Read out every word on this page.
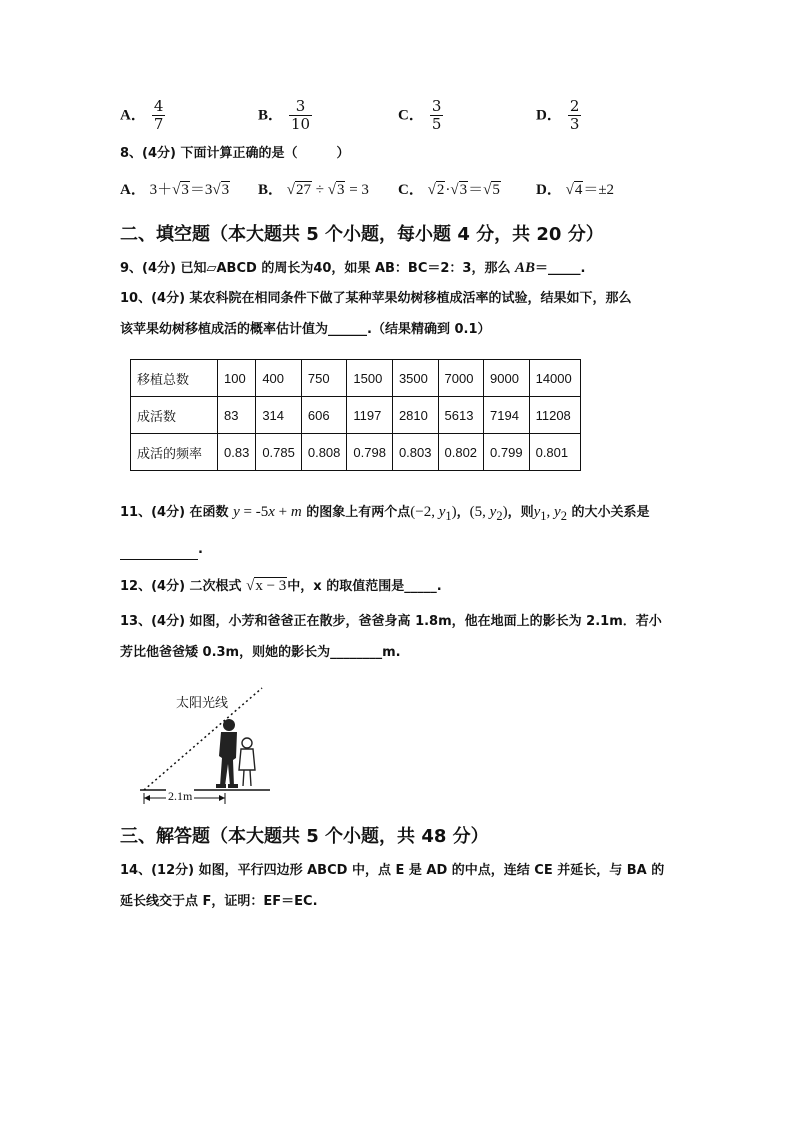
A． $\frac{4}{7}$	B． $\frac{3}{10}$	C． $\frac{3}{5}$	D． $\frac{2}{3}$
8、(4分) 下面计算正确的是（　　　）
A． 3＋√3＝3√3 B． √27 ÷ √3 = 3 C． √2·√3＝√5 D． √4＝±2
二、填空题（本大题共 5 个小题，每小题 4 分，共 20 分）
9、(4分) 已知▱ABCD 的周长为40，如果 AB：BC＝2：3，那么 AB＝_____.
10、(4分) 某农科院在相同条件下做了某种苹果幼树移植成活率的试验，结果如下，那么
该苹果幼树移植成活的概率估计值为______.（结果精确到 0.1）
移植总数	100	400	750	1500	3500	7000	9000	14000
成活数	83	314	606	1197	2810	5613	7194	11208
成活的频率	0.83	0.785	0.808	0.798	0.803	0.802	0.799	0.801
11、(4分) 在函数 y = -5x + m 的图象上有两个点(−2, $y_1$)，(5, $y_2$)，则$y_1$, $y_2$ 的大小关系是
.
12、(4分) 二次根式 √x − 3中，x 的取值范围是_____.
13、(4分) 如图，小芳和爸爸正在散步，爸爸身高 1.8m，他在地面上的影长为 2.1m．若小
芳比他爸爸矮 0.3m，则她的影长为________m.
太阳光线
2.1m
三、解答题（本大题共 5 个小题，共 48 分）
14、(12分) 如图，平行四边形 ABCD 中，点 E 是 AD 的中点，连结 CE 并延长，与 BA 的
延长线交于点 F，证明：EF＝EC.
